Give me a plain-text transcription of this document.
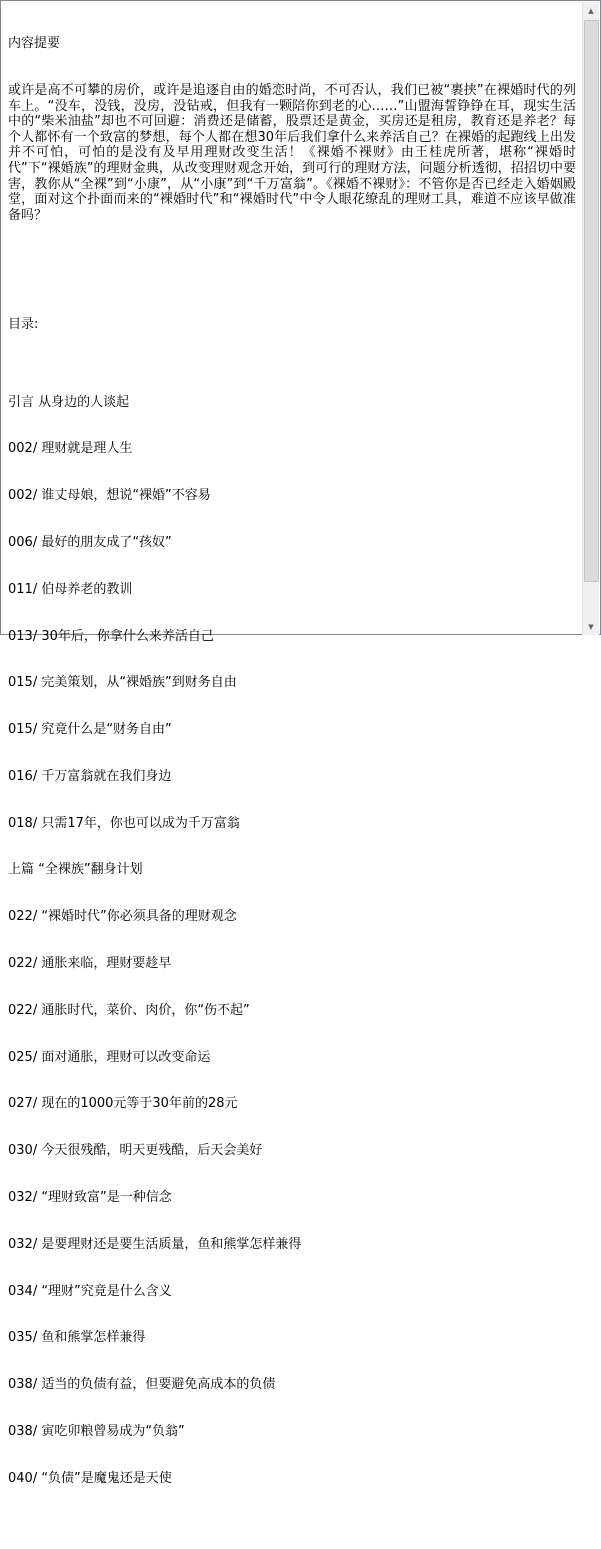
内容提要

或许是高不可攀的房价，或许是追逐自由的婚恋时尚，不可否认，我们已被“裹挟”在裸婚时代的列车上。“没车，没钱，没房，没钻戒，但我有一颗陪你到老的心……”山盟海誓铮铮在耳，现实生活中的“柴米油盐”却也不可回避：消费还是储蓄，股票还是黄金，买房还是租房，教育还是养老？每个人都怀有一个致富的梦想，每个人都在想30年后我们拿什么来养活自己？在裸婚的起跑线上出发并不可怕，可怕的是没有及早用理财改变生活！《裸婚不裸财》由王桂虎所著，堪称“裸婚时代”下“裸婚族”的理财金典，从改变理财观念开始，到可行的理财方法，问题分析透彻，招招切中要害，教你从“全裸”到“小康”，从“小康”到“千万富翁”。《裸婚不裸财》：不管你是否已经走入婚姻殿堂，面对这个扑面而来的“裸婚时代”和“裸婚时代”中令人眼花缭乱的理财工具，难道不应该早做准备吗？

目录:

引言 从身边的人谈起

002/ 理财就是理人生

002/ 谁丈母娘，想说“裸婚”不容易

006/ 最好的朋友成了“孩奴”

011/ 伯母养老的教训

013/ 30年后，你拿什么来养活自己

015/ 完美策划，从“裸婚族”到财务自由

015/ 究竟什么是“财务自由”

016/ 千万富翁就在我们身边

018/ 只需17年，你也可以成为千万富翁

上篇 “全裸族”翻身计划

022/ “裸婚时代”你必须具备的理财观念

022/ 通胀来临，理财要趁早

022/ 通胀时代，菜价、肉价，你“伤不起”

025/ 面对通胀，理财可以改变命运

027/ 现在的1000元等于30年前的28元

030/ 今天很残酷，明天更残酷，后天会美好

032/ “理财致富”是一种信念

032/ 是要理财还是要生活质量，鱼和熊掌怎样兼得

034/ “理财”究竟是什么含义

035/ 鱼和熊掌怎样兼得

038/ 适当的负债有益，但要避免高成本的负债

038/ 寅吃卯粮曾易成为“负翁”

040/ “负债”是魔鬼还是天使

▲
▼
